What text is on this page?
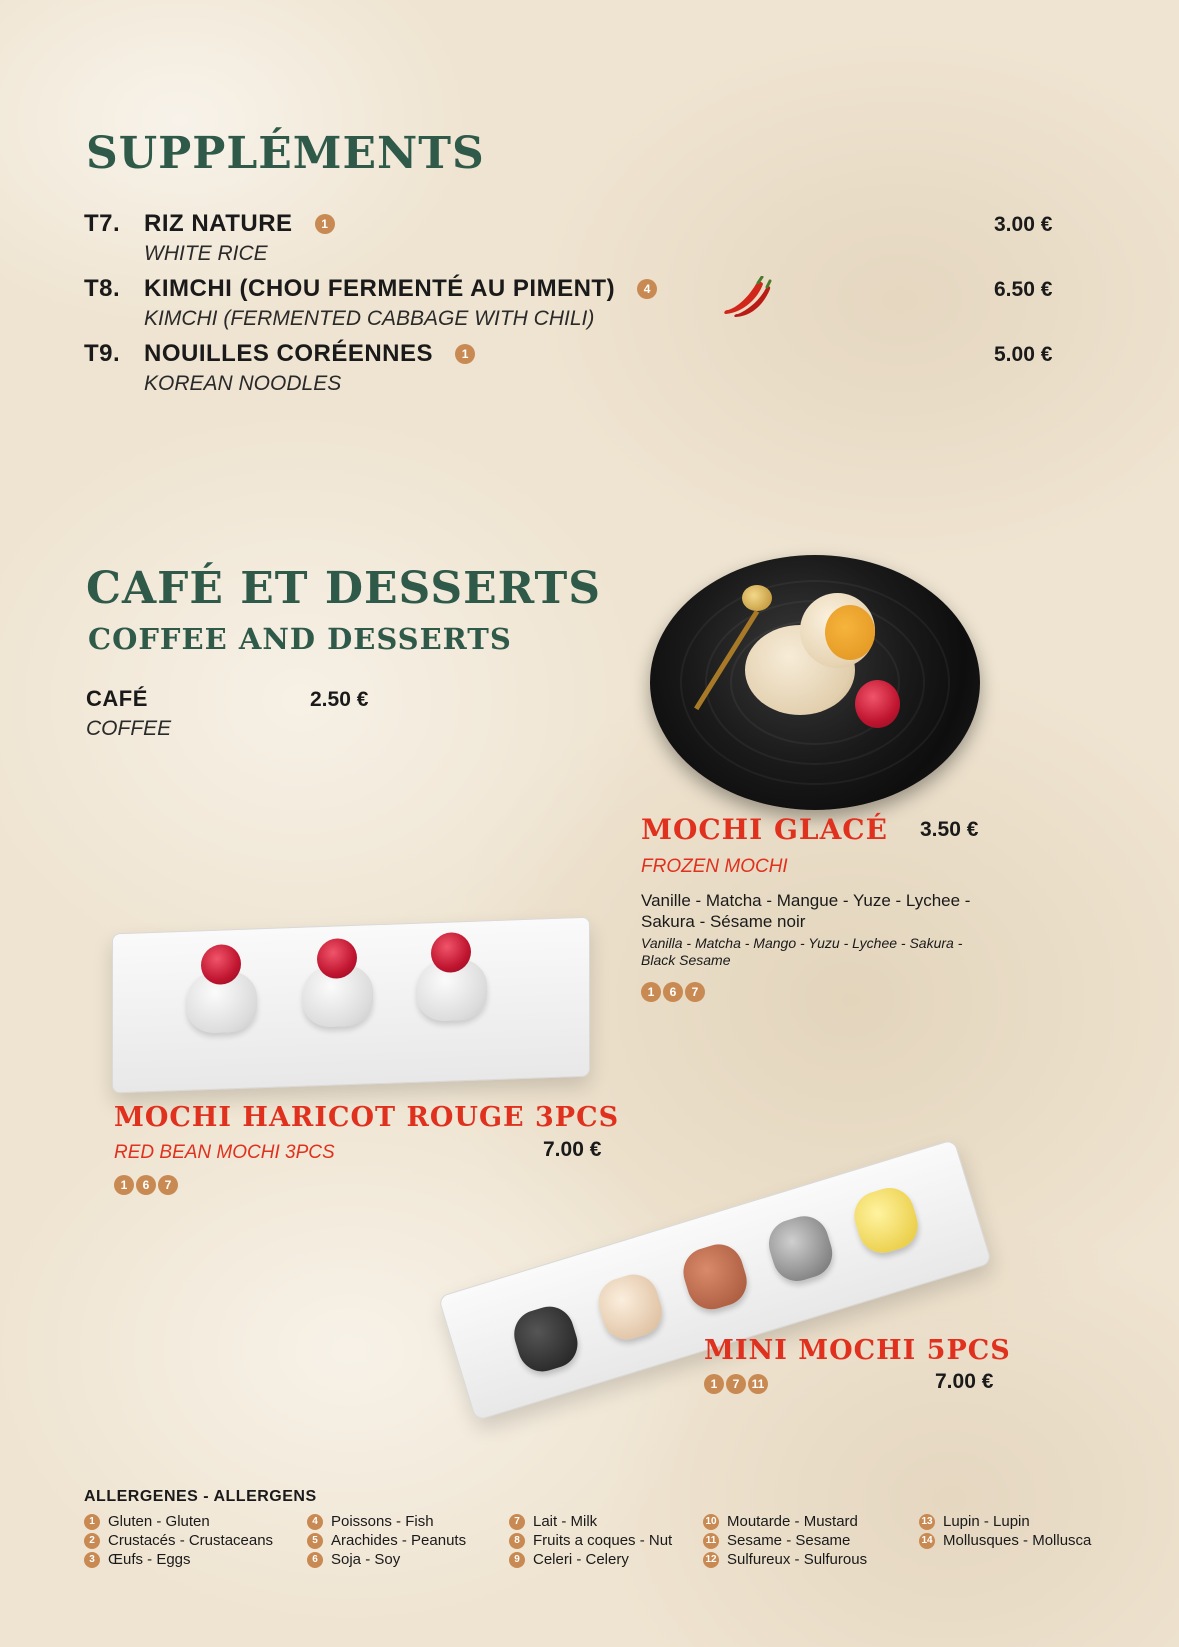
SUPPLÉMENTS
T7. RIZ NATURE	1
WHITE RICE
3.00 €
T8. KIMCHI (CHOU FERMENTÉ AU PIMENT)	4
KIMCHI (FERMENTED CABBAGE WITH CHILI)
6.50 €
T9. NOUILLES CORÉENNES	1
KOREAN NOODLES
5.00 €
CAFÉ ET DESSERTS
COFFEE AND DESSERTS
CAFÉ
COFFEE
2.50 €
MOCHI GLACÉ 3.50 €
FROZEN MOCHI
Vanille - Matcha - Mangue - Yuze - Lychee -
Sakura - Sésame noir
Vanilla - Matcha - Mango - Yuzu - Lychee - Sakura -
Black Sesame
1	6	7
MOCHI HARICOT ROUGE 3PCS
RED BEAN MOCHI 3PCS	7.00 €
1	6	7
MINI MOCHI 5PCS
1	7	11	7.00 €
ALLERGENES - ALLERGENS
1 Gluten - Gluten
2 Crustacés - Crustaceans
3 Œufs - Eggs
4 Poissons - Fish
5 Arachides - Peanuts
6 Soja - Soy
7 Lait - Milk
8 Fruits a coques - Nut
9 Celeri - Celery
10 Moutarde - Mustard
11 Sesame - Sesame
12 Sulfureux - Sulfurous
13 Lupin - Lupin
14 Mollusques - Mollusca
